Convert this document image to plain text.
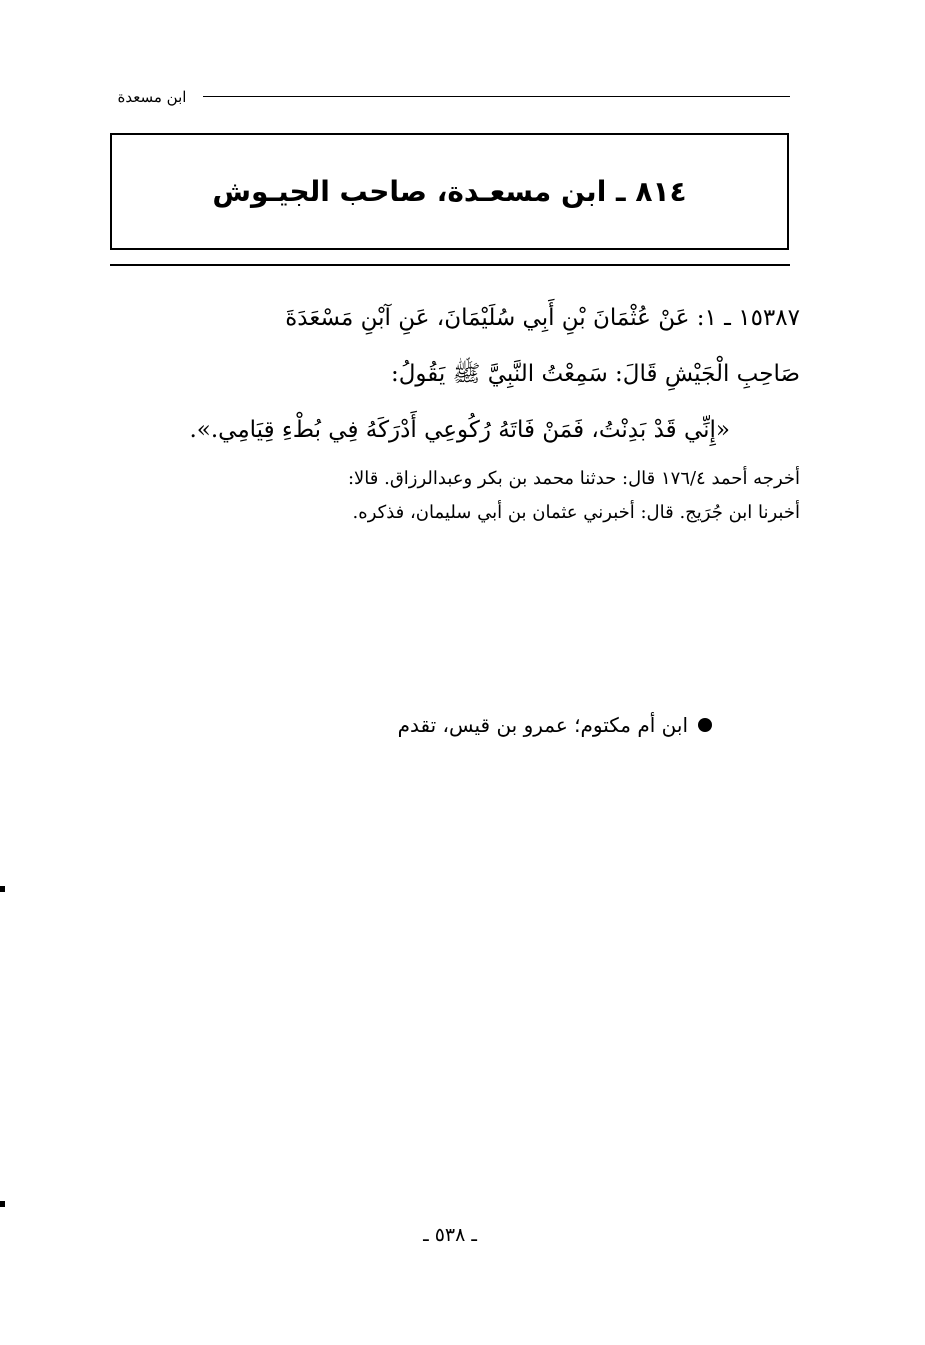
ابن مسعدة
٨١٤ ـ ابن مسعـدة، صاحب الجيـوش
١٥٣٨٧ ـ ١: عَنْ عُثْمَانَ بْنِ أَبِي سُلَيْمَانَ، عَنِ آبْنِ مَسْعَدَةَ
صَاحِبِ الْجَيْشِ قَالَ: سَمِعْتُ النَّبِيَّ ﷺ يَقُولُ:
«إِنِّي قَدْ بَدِنْتُ، فَمَنْ فَاتَهُ رُكُوعِي أَدْرَكَهُ فِي بُطْءِ قِيَامِي.».
أخرجه أحمد ١٧٦/٤ قال: حدثنا محمد بن بكر وعبدالرزاق. قالا:
أخبرنا ابن جُرَيج. قال: أخبرني عثمان بن أبي سليمان، فذكره.
ابن أم مكتوم؛ عمرو بن قيس، تقدم
ـ ٥٣٨ ـ
